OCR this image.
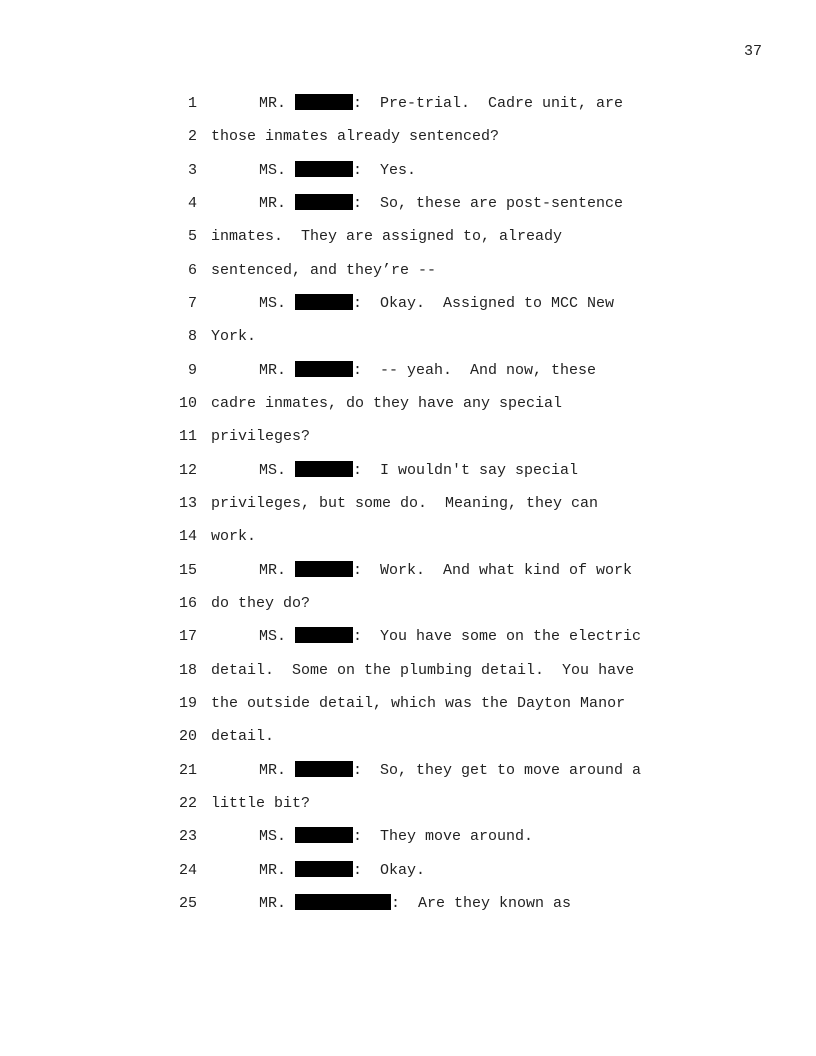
37
1	MR.	:  Pre-trial.  Cadre unit, are
2 those inmates already sentenced?
3	MS.	:  Yes.
4	MR.	:  So, these are post-sentence
5 inmates.  They are assigned to, already
6 sentenced, and they’re --
7	MS.	:  Okay.  Assigned to MCC New
8 York.
9	MR.	:  -- yeah.  And now, these
10 cadre inmates, do they have any special
11 privileges?
12	MS.	:  I wouldn't say special
13 privileges, but some do.  Meaning, they can
14 work.
15	MR.	:  Work.  And what kind of work
16 do they do?
17	MS.	:  You have some on the electric
18 detail.  Some on the plumbing detail.  You have
19 the outside detail, which was the Dayton Manor
20 detail.
21	MR.	:  So, they get to move around a
22 little bit?
23	MS.	:  They move around.
24	MR.	:  Okay.
25	MR.	:  Are they known as
